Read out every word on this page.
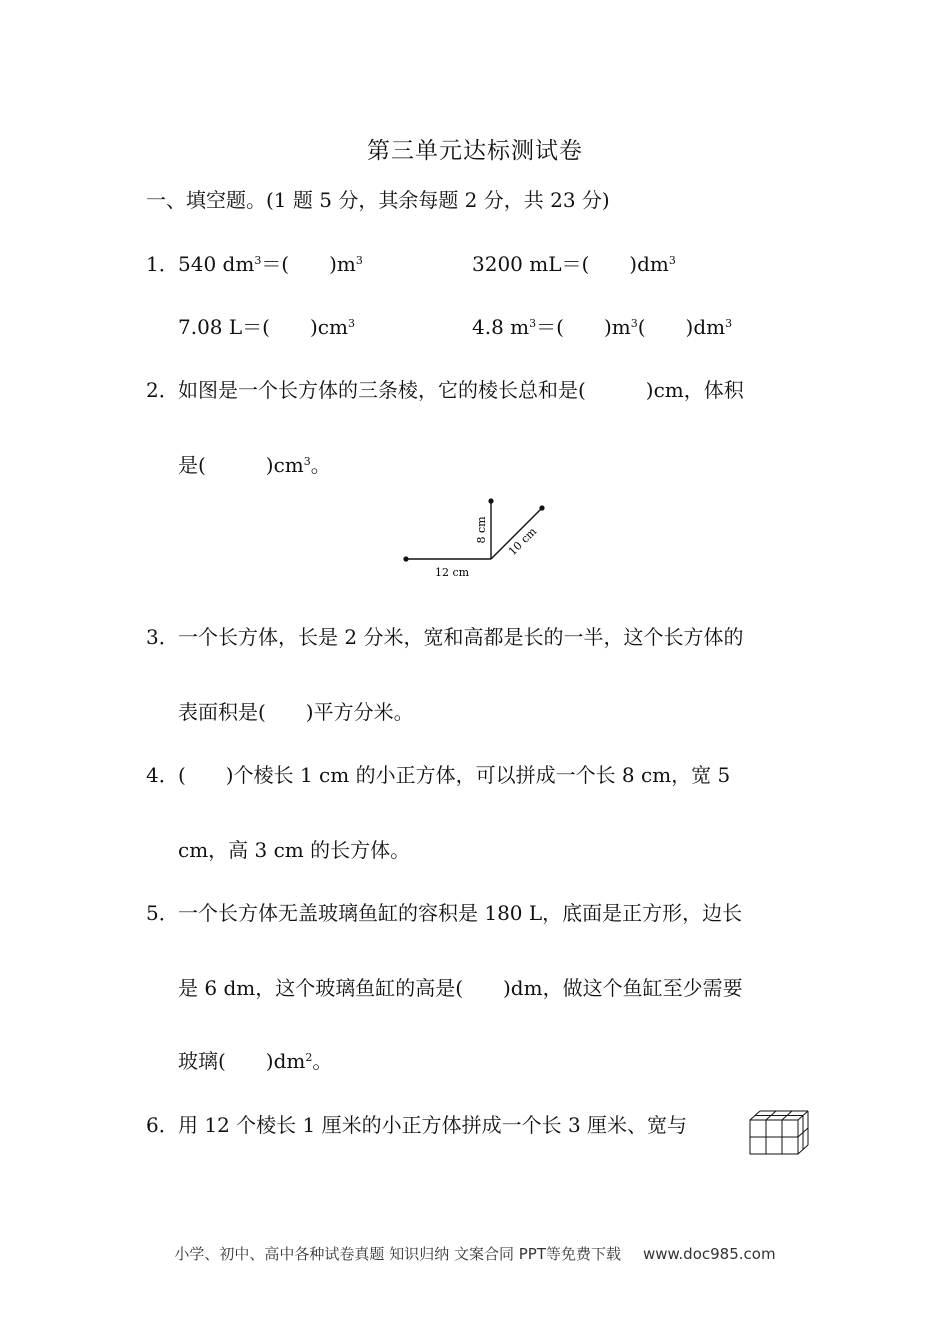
第三单元达标测试卷
一、填空题。(1 题 5 分，其余每题 2 分，共 23 分)
1． 540 $dm^3=$(　　)$m^3$	3200 mL＝(　　)$dm^3$
7.08 L＝(　　)$cm^3$	4.8 $m^3=$(　　)$m^3$(　　)$dm^3$
2． 如图是一个长方体的三条棱，它的棱长总和是(　　　)cm，体积
是(　　　)$cm^3$。
8 cm 10 cm
12 cm
3． 一个长方体，长是 2 分米，宽和高都是长的一半，这个长方体的
表面积是(　　)平方分米。
4． (　　)个棱长 1 cm 的小正方体，可以拼成一个长 8 cm，宽 5
cm，高 3 cm 的长方体。
5． 一个长方体无盖玻璃鱼缸的容积是 180 L，底面是正方形，边长
是 6 dm，这个玻璃鱼缸的高是(　　)dm，做这个鱼缸至少需要
玻璃(　　)$dm^2$。
6． 用 12 个棱长 1 厘米的小正方体拼成一个长 3 厘米、宽与
小学、初中、高中各种试卷真题 知识归纳 文案合同 PPT等免费下载 www.doc985.com
